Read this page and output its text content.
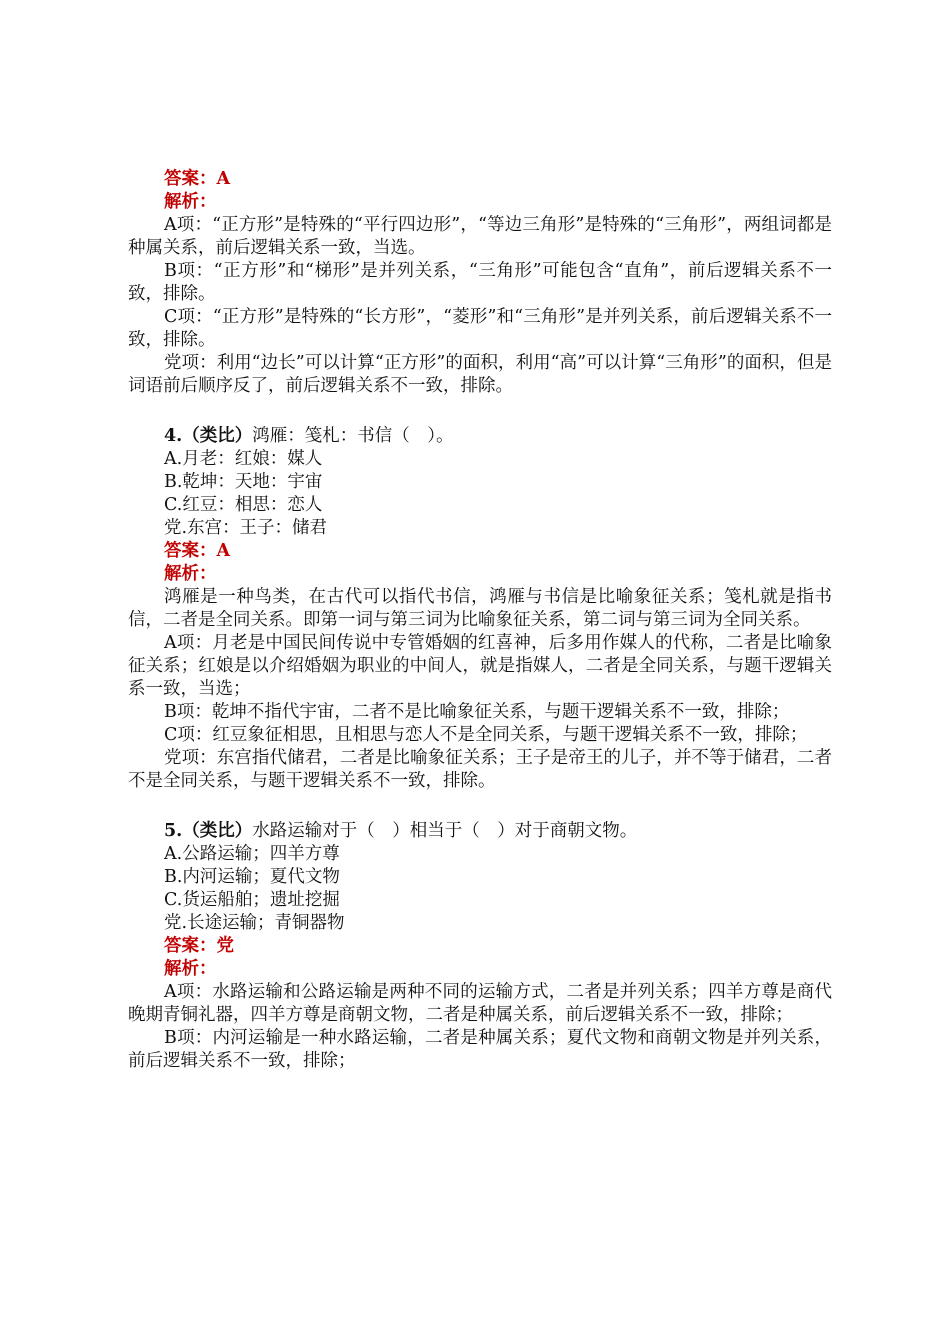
答案：A
解析：

A项：“正方形”是特殊的“平行四边形”，“等边三角形”是特殊的“三角形”，两组词都是种属关系，前后逻辑关系一致，当选。

B项：“正方形”和“梯形”是并列关系，“三角形”可能包含“直角”，前后逻辑关系不一致，排除。

C项：“正方形”是特殊的“长方形”，“菱形”和“三角形”是并列关系，前后逻辑关系不一致，排除。

党项：利用“边长”可以计算“正方形”的面积，利用“高”可以计算“三角形”的面积，但是词语前后顺序反了，前后逻辑关系不一致，排除。

4.（类比）鸿雁：笺札：书信（　）。
A.月老：红娘：媒人
B.乾坤：天地：宇宙
C.红豆：相思：恋人
党.东宫：王子：储君
答案：A
解析：

鸿雁是一种鸟类，在古代可以指代书信，鸿雁与书信是比喻象征关系；笺札就是指书信，二者是全同关系。即第一词与第三词为比喻象征关系，第二词与第三词为全同关系。

A项：月老是中国民间传说中专管婚姻的红喜神，后多用作媒人的代称，二者是比喻象征关系；红娘是以介绍婚姻为职业的中间人，就是指媒人，二者是全同关系，与题干逻辑关系一致，当选；

B项：乾坤不指代宇宙，二者不是比喻象征关系，与题干逻辑关系不一致，排除；

C项：红豆象征相思，且相思与恋人不是全同关系，与题干逻辑关系不一致，排除；

党项：东宫指代储君，二者是比喻象征关系；王子是帝王的儿子，并不等于储君，二者不是全同关系，与题干逻辑关系不一致，排除。

5.（类比）水路运输对于（　）相当于（　）对于商朝文物。
A.公路运输；四羊方尊
B.内河运输；夏代文物
C.货运船舶；遗址挖掘
党.长途运输；青铜器物
答案：党
解析：

A项：水路运输和公路运输是两种不同的运输方式，二者是并列关系；四羊方尊是商代晚期青铜礼器，四羊方尊是商朝文物，二者是种属关系，前后逻辑关系不一致，排除；

B项：内河运输是一种水路运输，二者是种属关系；夏代文物和商朝文物是并列关系，前后逻辑关系不一致，排除；
